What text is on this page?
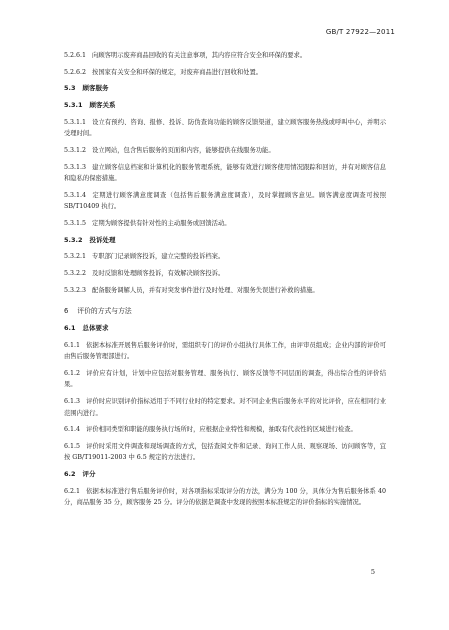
GB/T 27922—2011

5.2.6.1 向顾客明示废弃商品回收的有关注意事项，其内容应符合安全和环保的要求。

5.2.6.2 按国家有关安全和环保的规定，对废弃商品进行回收和处置。

5.3 顾客服务

5.3.1 顾客关系

5.3.1.1 设立有预约、咨询、报修、投诉、防伪查询功能的顾客反馈渠道，建立顾客服务热线或呼叫中心，并明示受理时间。

5.3.1.2 设立网站，包含售后服务的页面和内容，能够提供在线服务功能。

5.3.1.3 建立顾客信息档案和计算机化的服务管理系统，能够有效进行顾客使用情况跟踪和回访，并有对顾客信息和隐私的保密措施。

5.3.1.4 定期进行顾客满意度调查（包括售后服务满意度调查），及时掌握顾客意见。顾客满意度调查可按照 SB/T10409 执行。

5.3.1.5 定期为顾客提供有针对性的主动服务或回馈活动。

5.3.2 投诉处理

5.3.2.1 专职部门记录顾客投诉，建立完整的投诉档案。

5.3.2.2 及时反馈和处理顾客投诉，有效解决顾客投诉。

5.3.2.3 配备服务调解人员，并有对突发事件进行及时处理、对服务失误进行补救的措施。

6 评价的方式与方法

6.1 总体要求

6.1.1 依据本标准开展售后服务评价时，需组织专门的评价小组执行具体工作，由评审员组成；企业内部的评价可由售后服务管理部进行。

6.1.2 评价应有计划，计划中应包括对服务管理、服务执行、顾客反馈等不同层面的调查，得出综合性的评价结果。

6.1.3 评价时应识别评价指标适用于不同行业时的特定要求。对不同企业售后服务水平的对比评价，应在相同行业范围内进行。

6.1.4 评价相同类型和职能的服务执行场所时，应根据企业特性和规模，抽取有代表性的区域进行检查。

6.1.5 评价时采用文件调查和现场调查的方式，包括查阅文件和记录、询问工作人员、观察现场、访问顾客等，宜按 GB/T19011-2003 中 6.5 规定的方法进行。

6.2 评分

6.2.1 依据本标准进行售后服务评价时，对各项指标采取评分的方法，满分为 100 分，具体分为售后服务体系 40 分，商品服务 35 分，顾客服务 25 分。评分的依据是调查中发现的按照本标准规定的评价指标的实施情况。

5
